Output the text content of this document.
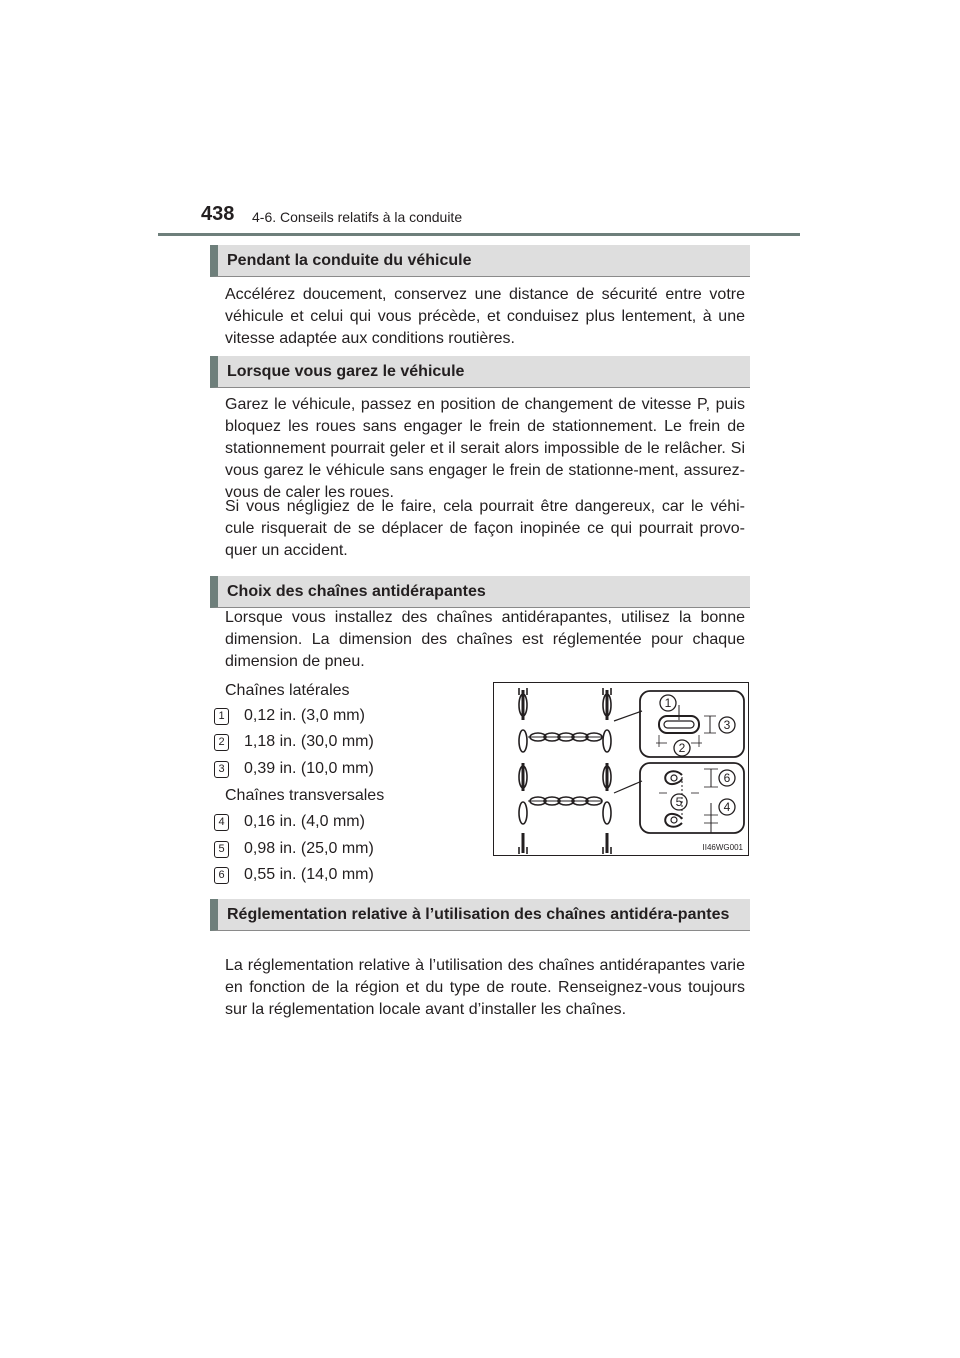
438 4-6. Conseils relatifs à la conduite
Pendant la conduite du véhicule

Accélérez doucement, conservez une distance de sécurité entre votre véhicule et celui qui vous précède, et conduisez plus lentement, à une vitesse adaptée aux conditions routières.

Lorsque vous garez le véhicule

Garez le véhicule, passez en position de changement de vitesse P, puis bloquez les roues sans engager le frein de stationnement. Le frein de stationnement pourrait geler et il serait alors impossible de le relâcher. Si vous garez le véhicule sans engager le frein de stationne-ment, assurez-vous de caler les roues.

Si vous négligiez de le faire, cela pourrait être dangereux, car le véhi-cule risquerait de se déplacer de façon inopinée ce qui pourrait provo-quer un accident.

Choix des chaînes antidérapantes

Lorsque vous installez des chaînes antidérapantes, utilisez la bonne dimension. La dimension des chaînes est réglementée pour chaque dimension de pneu.

Chaînes latérales
1 0,12 in. (3,0 mm)
2 1,18 in. (30,0 mm)
3 0,39 in. (10,0 mm)
Chaînes transversales
4 0,16 in. (4,0 mm)
5 0,98 in. (25,0 mm)
6 0,55 in. (14,0 mm)
1
2
3
4
5
6
II46WG001
Réglementation relative à l’utilisation des chaînes antidéra-pantes

La réglementation relative à l’utilisation des chaînes antidérapantes varie en fonction de la région et du type de route. Renseignez-vous toujours sur la réglementation locale avant d’installer les chaînes.
